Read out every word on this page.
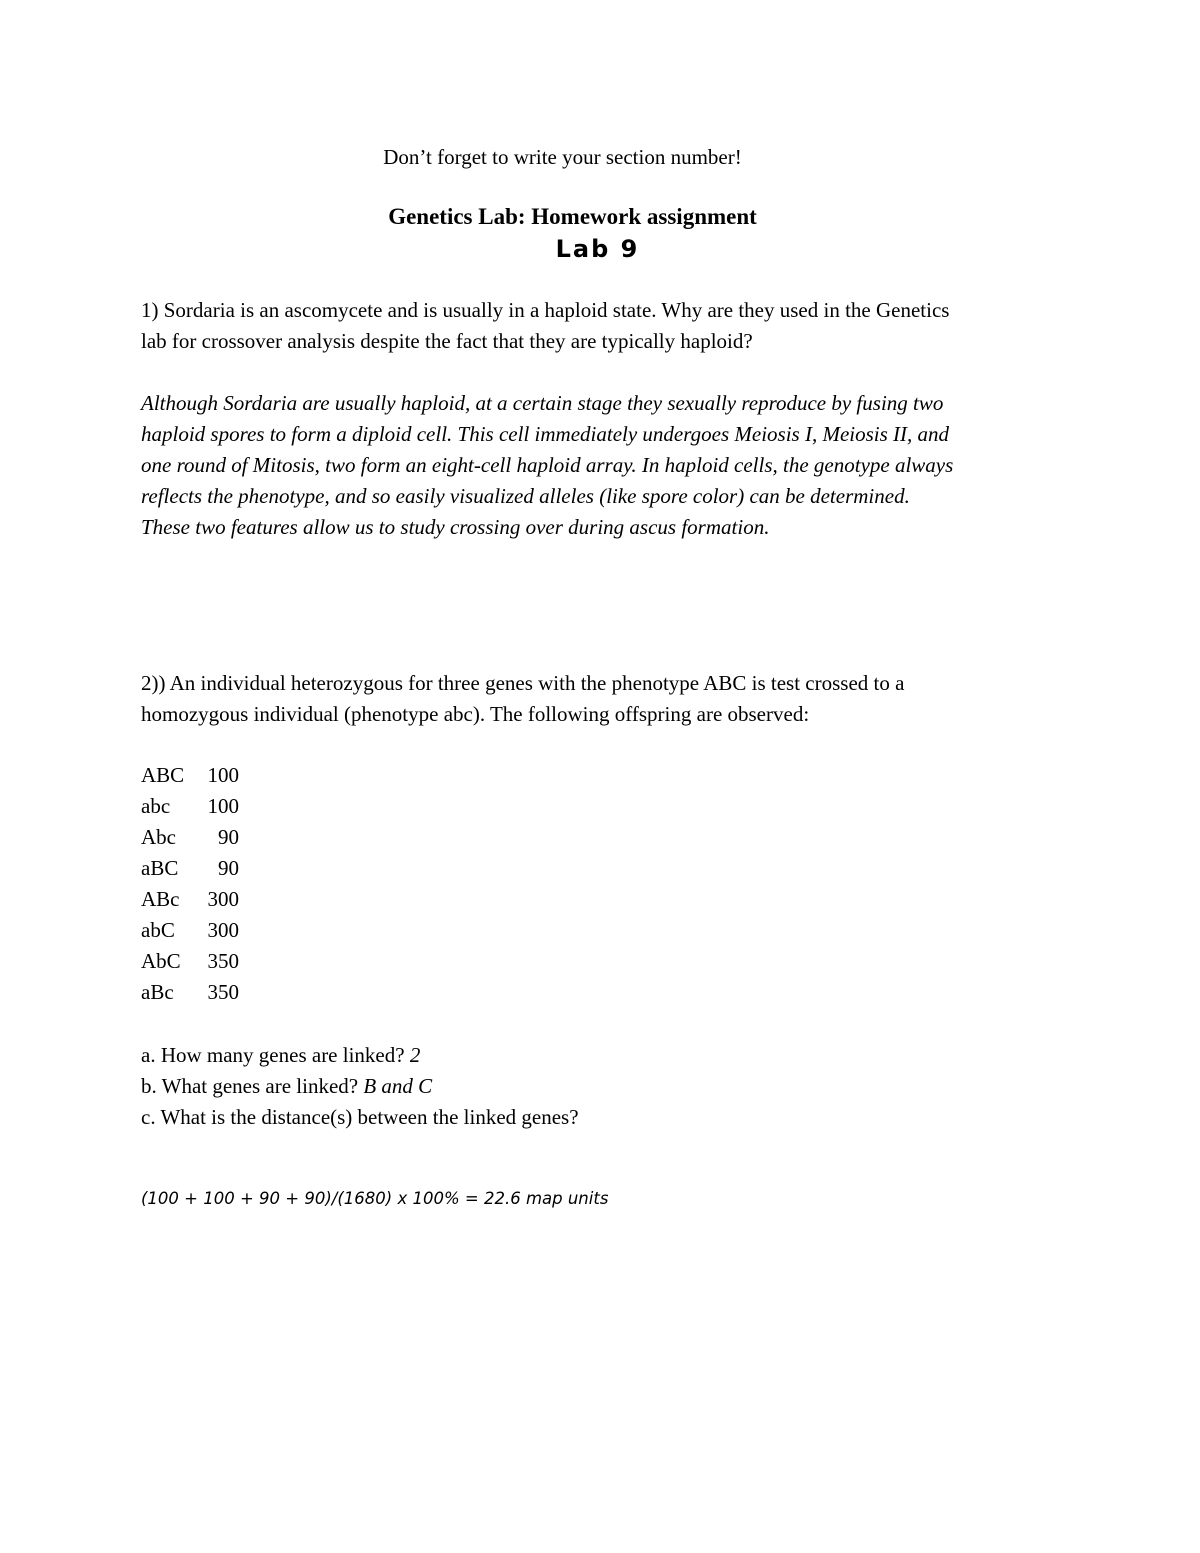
Don’t forget to write your section number!
Genetics Lab: Homework assignment
Lab 9
1) Sordaria is an ascomycete and is usually in a haploid state. Why are they used in the Genetics
lab for crossover analysis despite the fact that they are typically haploid?
Although Sordaria are usually haploid, at a certain stage they sexually reproduce by fusing two
haploid spores to form a diploid cell. This cell immediately undergoes Meiosis I, Meiosis II, and
one round of Mitosis, two form an eight-cell haploid array. In haploid cells, the genotype always
reflects the phenotype, and so easily visualized alleles (like spore color) can be determined.
These two features allow us to study crossing over during ascus formation.
2)) An individual heterozygous for three genes with the phenotype ABC is test crossed to a
homozygous individual (phenotype abc). The following offspring are observed:
ABC	100
abc	100
Abc	90
aBC	90
ABc	300
abC	300
AbC	350
aBc	350
a. How many genes are linked? 2
b. What genes are linked? B and C
c. What is the distance(s) between the linked genes?
(100 + 100 + 90 + 90)/(1680) x 100% = 22.6 map units
